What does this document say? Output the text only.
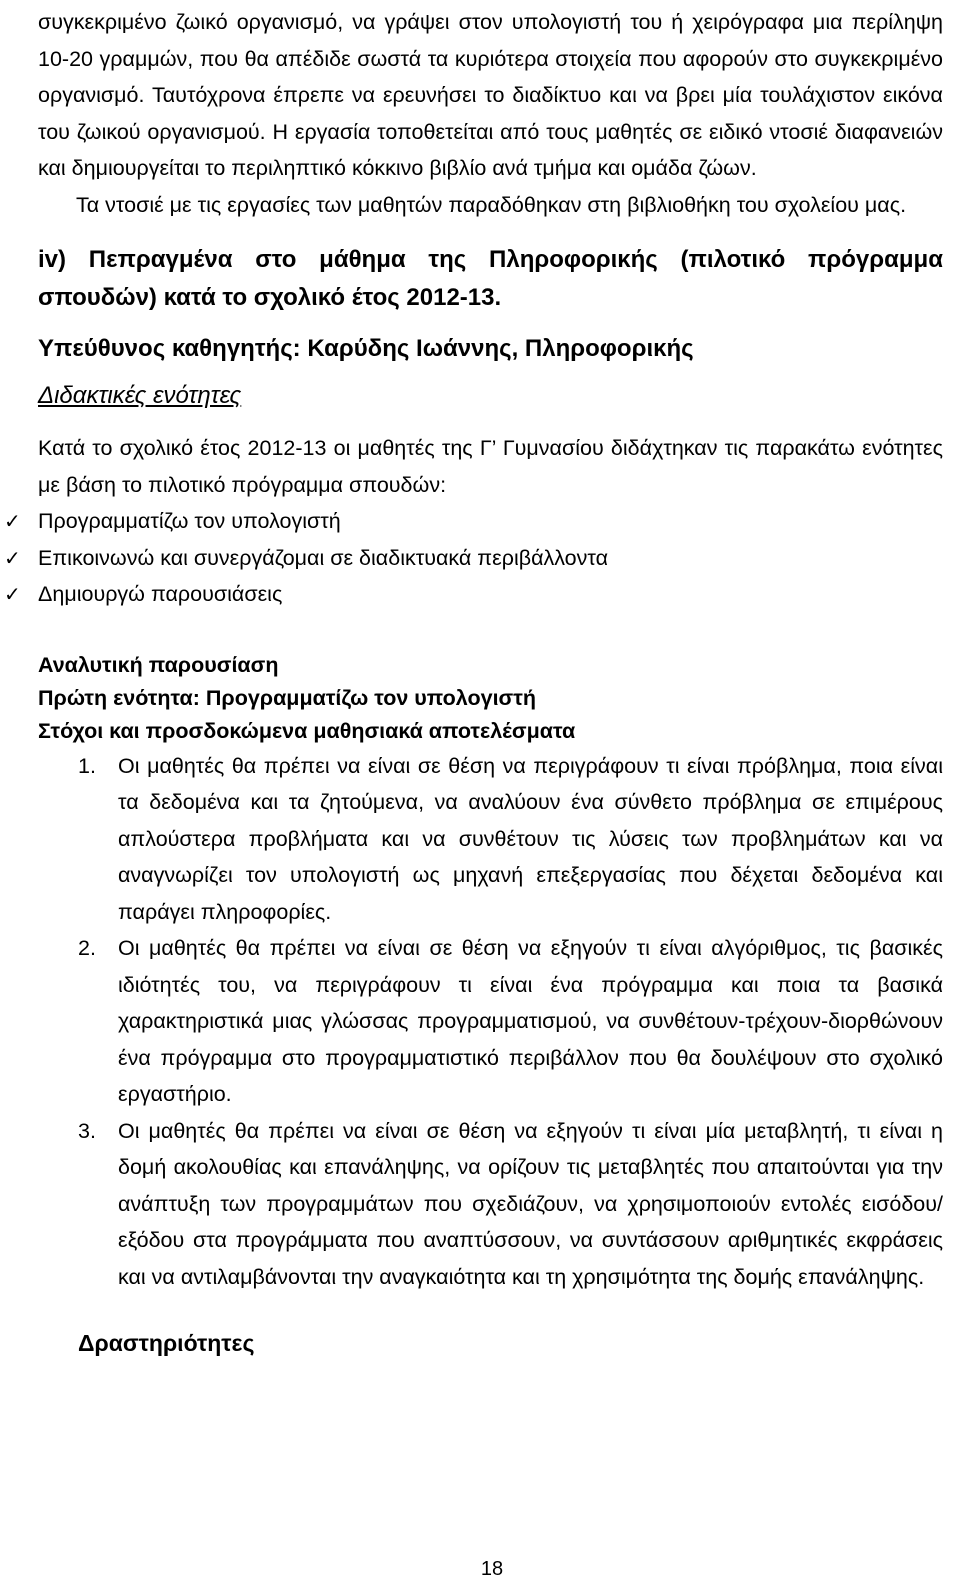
συγκεκριμένο ζωικό οργανισμό, να γράψει στον υπολογιστή του ή χειρόγραφα μια περίληψη 10-20 γραμμών, που θα απέδιδε σωστά τα κυριότερα στοιχεία που αφορούν στο συγκεκριμένο οργανισμό. Ταυτόχρονα έπρεπε να ερευνήσει το διαδίκτυο και να βρει μία τουλάχιστον εικόνα του ζωικού οργανισμού. Η εργασία τοποθετείται από τους μαθητές σε ειδικό ντοσιέ διαφανειών και δημιουργείται το περιληπτικό κόκκινο βιβλίο ανά τμήμα και ομάδα ζώων.

Τα ντοσιέ με τις εργασίες των μαθητών παραδόθηκαν στη βιβλιοθήκη του σχολείου μας.

iv) Πεπραγμένα στο μάθημα της Πληροφορικής (πιλοτικό πρόγραμμα σπουδών) κατά το σχολικό έτος 2012-13.

Υπεύθυνος καθηγητής: Καρύδης Ιωάννης, Πληροφορικής

Διδακτικές ενότητες

Κατά το σχολικό έτος 2012-13 οι μαθητές της Γ’ Γυμνασίου διδάχτηκαν τις παρακάτω ενότητες με βάση το πιλοτικό πρόγραμμα σπουδών:

✓ Προγραμματίζω τον υπολογιστή
✓ Επικοινωνώ και συνεργάζομαι σε διαδικτυακά περιβάλλοντα
✓ Δημιουργώ παρουσιάσεις

Αναλυτική παρουσίαση

Πρώτη ενότητα: Προγραμματίζω τον υπολογιστή

Στόχοι και προσδοκώμενα μαθησιακά αποτελέσματα

1. Οι μαθητές θα πρέπει να είναι σε θέση να περιγράφουν τι είναι πρόβλημα, ποια είναι τα δεδομένα και τα ζητούμενα, να αναλύουν ένα σύνθετο πρόβλημα σε επιμέρους απλούστερα προβλήματα και να συνθέτουν τις λύσεις των προβλημάτων και να αναγνωρίζει τον υπολογιστή ως μηχανή επεξεργασίας που δέχεται δεδομένα και παράγει πληροφορίες.
2. Οι μαθητές θα πρέπει να είναι σε θέση να εξηγούν τι είναι αλγόριθμος, τις βασικές ιδιότητές του, να περιγράφουν τι είναι ένα πρόγραμμα και ποια τα βασικά χαρακτηριστικά μιας γλώσσας προγραμματισμού, να συνθέτουν-τρέχουν-διορθώνουν ένα πρόγραμμα στο προγραμματιστικό περιβάλλον που θα δουλέψουν στο σχολικό εργαστήριο.
3. Οι μαθητές θα πρέπει να είναι σε θέση να εξηγούν τι είναι μία μεταβλητή, τι είναι η δομή ακολουθίας και επανάληψης, να ορίζουν τις μεταβλητές που απαιτούνται για την ανάπτυξη των προγραμμάτων που σχεδιάζουν, να χρησιμοποιούν εντολές εισόδου/εξόδου στα προγράμματα που αναπτύσσουν, να συντάσσουν αριθμητικές εκφράσεις και να αντιλαμβάνονται την αναγκαιότητα και τη χρησιμότητα της δομής επανάληψης.

Δραστηριότητες

18
